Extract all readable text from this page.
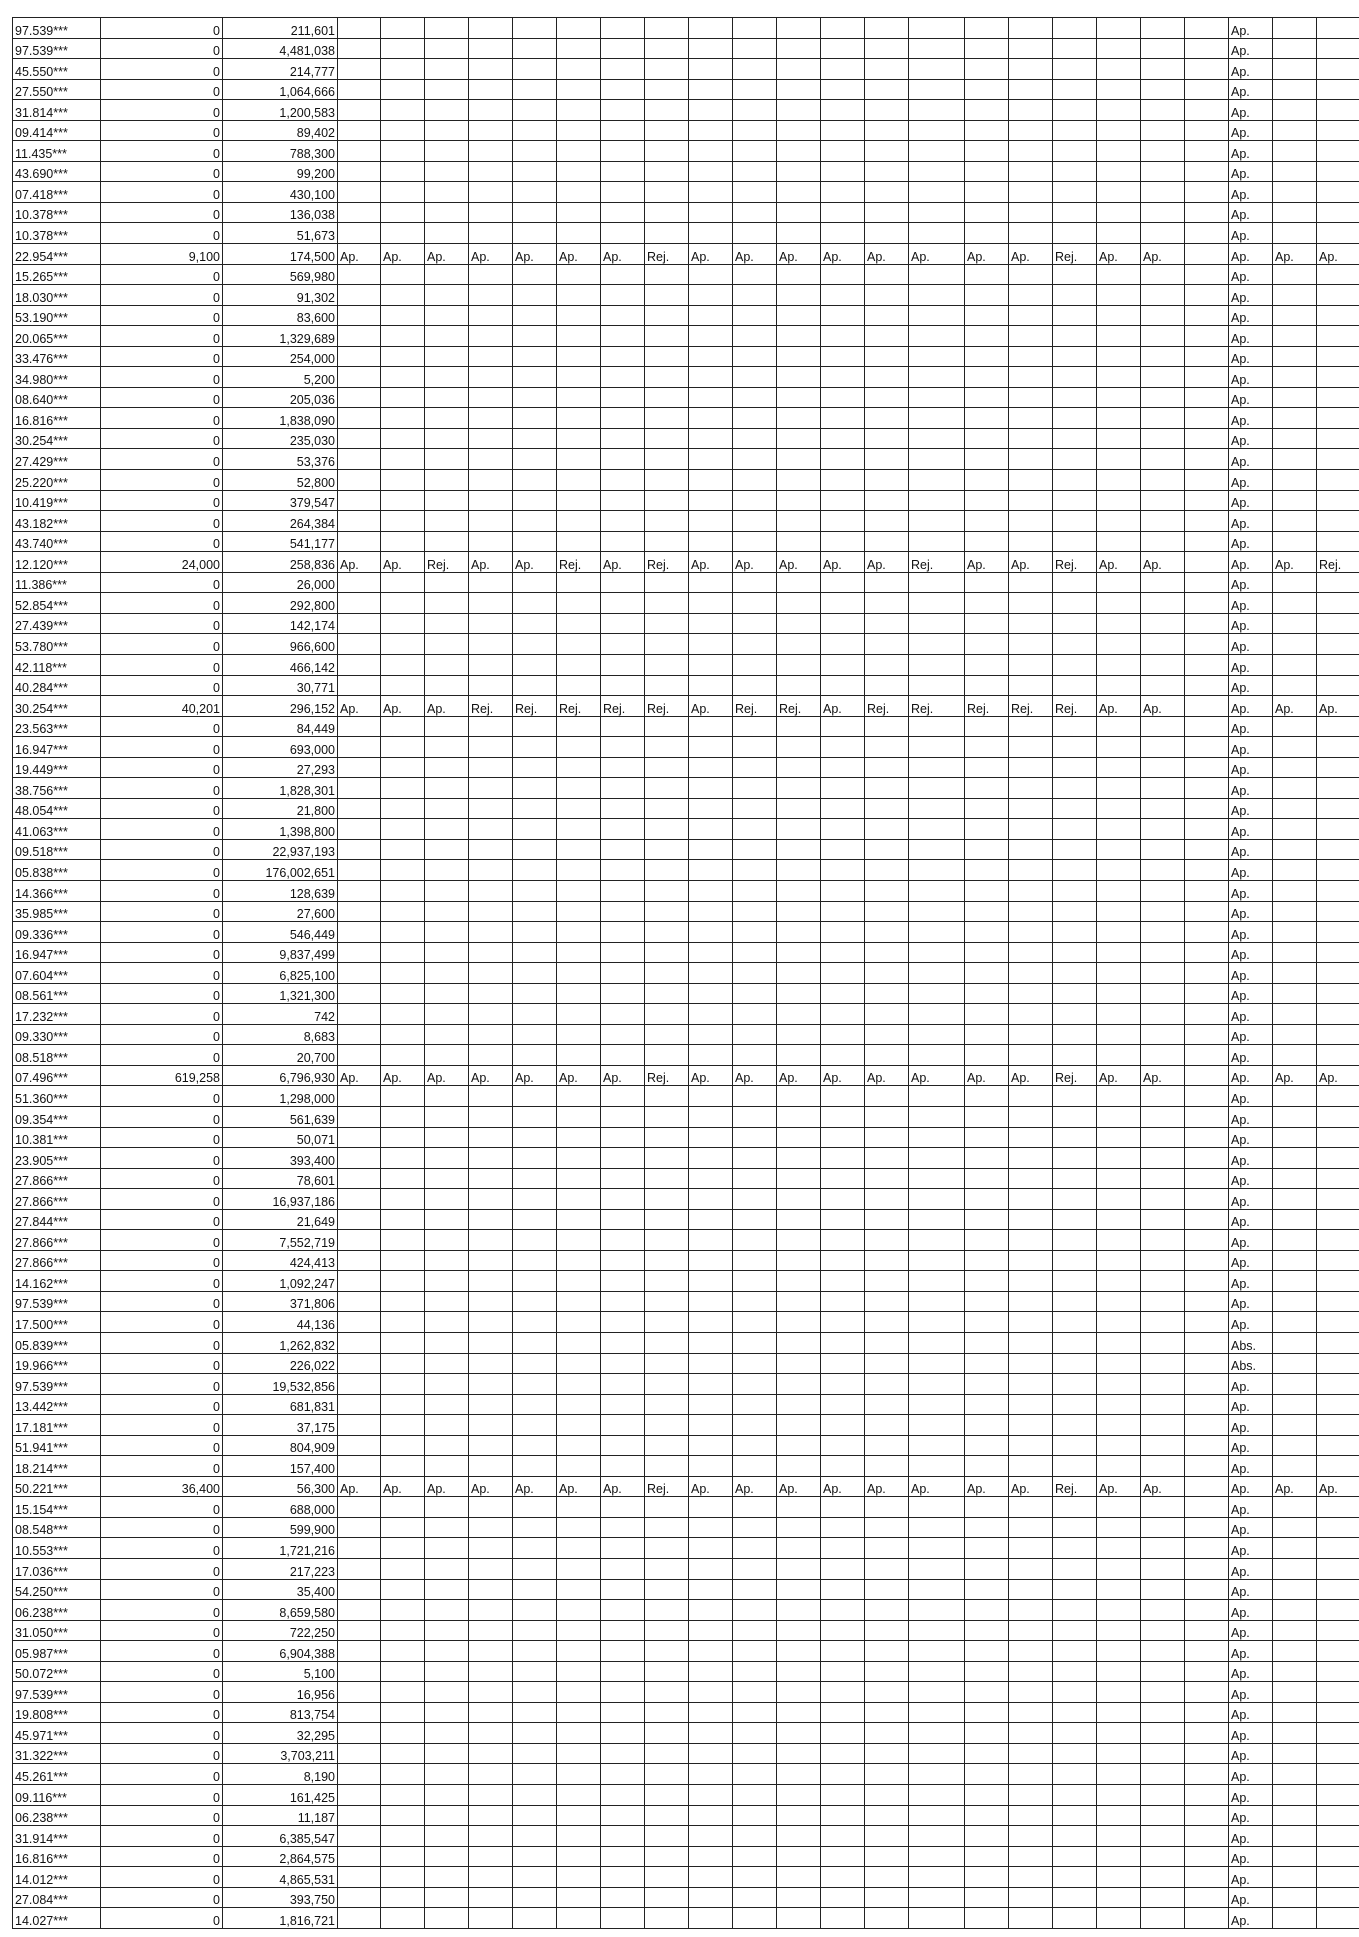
97.539***	0	211,601																					Ap.		
97.539***	0	4,481,038																					Ap.		
45.550***	0	214,777																					Ap.		
27.550***	0	1,064,666																					Ap.		
31.814***	0	1,200,583																					Ap.		
09.414***	0	89,402																					Ap.		
11.435***	0	788,300																					Ap.		
43.690***	0	99,200																					Ap.		
07.418***	0	430,100																					Ap.		
10.378***	0	136,038																					Ap.		
10.378***	0	51,673																					Ap.		
22.954***	9,100	174,500	Ap.	Ap.	Ap.	Ap.	Ap.	Ap.	Ap.	Rej.	Ap.	Ap.	Ap.	Ap.	Ap.	Ap.	Ap.	Ap.	Rej.	Ap.	Ap.		Ap.	Ap.	Ap.
15.265***	0	569,980																					Ap.		
18.030***	0	91,302																					Ap.		
53.190***	0	83,600																					Ap.		
20.065***	0	1,329,689																					Ap.		
33.476***	0	254,000																					Ap.		
34.980***	0	5,200																					Ap.		
08.640***	0	205,036																					Ap.		
16.816***	0	1,838,090																					Ap.		
30.254***	0	235,030																					Ap.		
27.429***	0	53,376																					Ap.		
25.220***	0	52,800																					Ap.		
10.419***	0	379,547																					Ap.		
43.182***	0	264,384																					Ap.		
43.740***	0	541,177																					Ap.		
12.120***	24,000	258,836	Ap.	Ap.	Rej.	Ap.	Ap.	Rej.	Ap.	Rej.	Ap.	Ap.	Ap.	Ap.	Ap.	Rej.	Ap.	Ap.	Rej.	Ap.	Ap.		Ap.	Ap.	Rej.
11.386***	0	26,000																					Ap.		
52.854***	0	292,800																					Ap.		
27.439***	0	142,174																					Ap.		
53.780***	0	966,600																					Ap.		
42.118***	0	466,142																					Ap.		
40.284***	0	30,771																					Ap.		
30.254***	40,201	296,152	Ap.	Ap.	Ap.	Rej.	Rej.	Rej.	Rej.	Rej.	Ap.	Rej.	Rej.	Ap.	Rej.	Rej.	Rej.	Rej.	Rej.	Ap.	Ap.		Ap.	Ap.	Ap.
23.563***	0	84,449																					Ap.		
16.947***	0	693,000																					Ap.		
19.449***	0	27,293																					Ap.		
38.756***	0	1,828,301																					Ap.		
48.054***	0	21,800																					Ap.		
41.063***	0	1,398,800																					Ap.		
09.518***	0	22,937,193																					Ap.		
05.838***	0	176,002,651																					Ap.		
14.366***	0	128,639																					Ap.		
35.985***	0	27,600																					Ap.		
09.336***	0	546,449																					Ap.		
16.947***	0	9,837,499																					Ap.		
07.604***	0	6,825,100																					Ap.		
08.561***	0	1,321,300																					Ap.		
17.232***	0	742																					Ap.		
09.330***	0	8,683																					Ap.		
08.518***	0	20,700																					Ap.		
07.496***	619,258	6,796,930	Ap.	Ap.	Ap.	Ap.	Ap.	Ap.	Ap.	Rej.	Ap.	Ap.	Ap.	Ap.	Ap.	Ap.	Ap.	Ap.	Rej.	Ap.	Ap.		Ap.	Ap.	Ap.
51.360***	0	1,298,000																					Ap.		
09.354***	0	561,639																					Ap.		
10.381***	0	50,071																					Ap.		
23.905***	0	393,400																					Ap.		
27.866***	0	78,601																					Ap.		
27.866***	0	16,937,186																					Ap.		
27.844***	0	21,649																					Ap.		
27.866***	0	7,552,719																					Ap.		
27.866***	0	424,413																					Ap.		
14.162***	0	1,092,247																					Ap.		
97.539***	0	371,806																					Ap.		
17.500***	0	44,136																					Ap.		
05.839***	0	1,262,832																					Abs.		
19.966***	0	226,022																					Abs.		
97.539***	0	19,532,856																					Ap.		
13.442***	0	681,831																					Ap.		
17.181***	0	37,175																					Ap.		
51.941***	0	804,909																					Ap.		
18.214***	0	157,400																					Ap.		
50.221***	36,400	56,300	Ap.	Ap.	Ap.	Ap.	Ap.	Ap.	Ap.	Rej.	Ap.	Ap.	Ap.	Ap.	Ap.	Ap.	Ap.	Ap.	Rej.	Ap.	Ap.		Ap.	Ap.	Ap.
15.154***	0	688,000																					Ap.		
08.548***	0	599,900																					Ap.		
10.553***	0	1,721,216																					Ap.		
17.036***	0	217,223																					Ap.		
54.250***	0	35,400																					Ap.		
06.238***	0	8,659,580																					Ap.		
31.050***	0	722,250																					Ap.		
05.987***	0	6,904,388																					Ap.		
50.072***	0	5,100																					Ap.		
97.539***	0	16,956																					Ap.		
19.808***	0	813,754																					Ap.		
45.971***	0	32,295																					Ap.		
31.322***	0	3,703,211																					Ap.		
45.261***	0	8,190																					Ap.		
09.116***	0	161,425																					Ap.		
06.238***	0	11,187																					Ap.		
31.914***	0	6,385,547																					Ap.		
16.816***	0	2,864,575																					Ap.		
14.012***	0	4,865,531																					Ap.		
27.084***	0	393,750																					Ap.		
14.027***	0	1,816,721																					Ap.		
